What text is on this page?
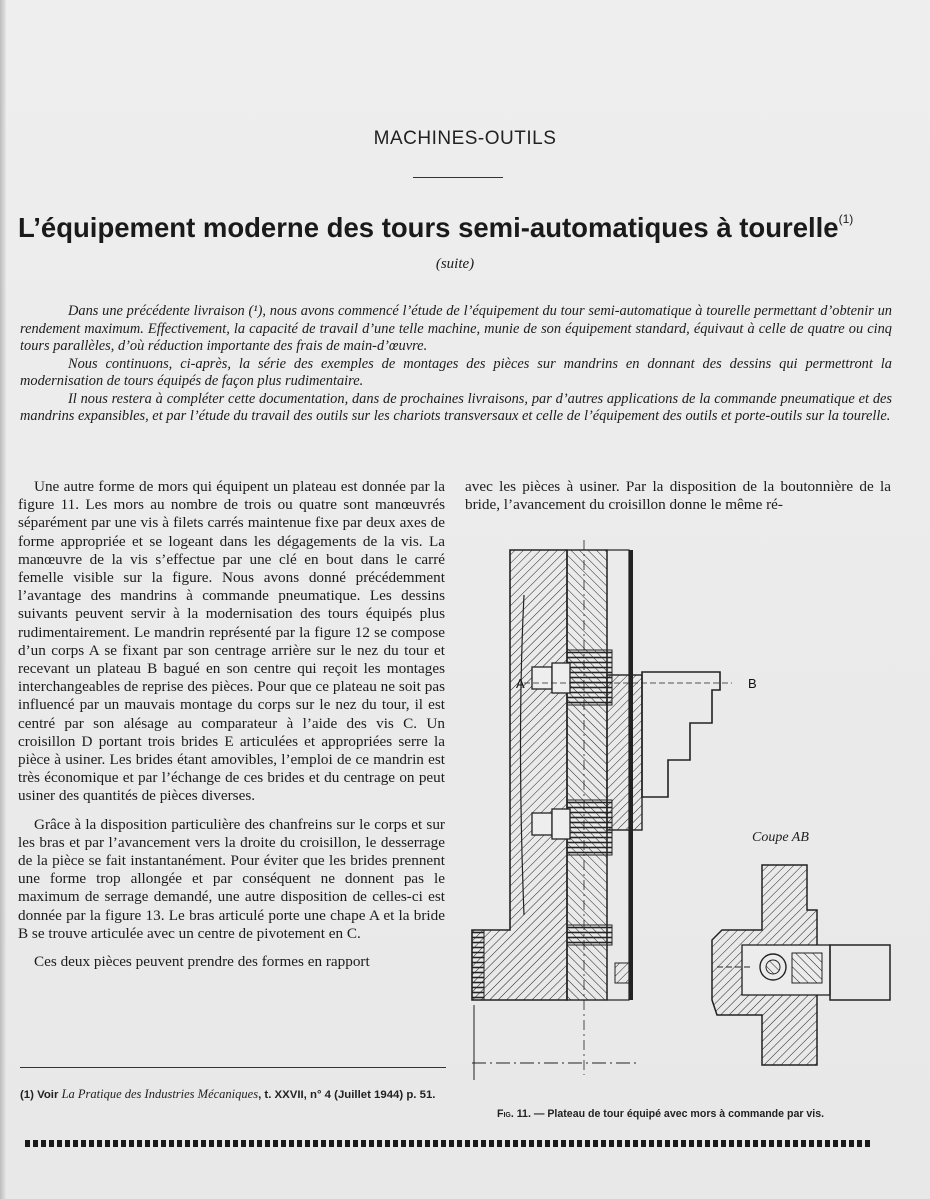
MACHINES-OUTILS
L’équipement moderne des tours semi-automatiques à tourelle$^{(1)}$
(suite)

Dans une précédente livraison (¹), nous avons commencé l’étude de l’équipement du tour semi-automatique à tourelle permettant d’obtenir un rendement maximum. Effectivement, la capacité de travail d’une telle machine, munie de son équipement standard, équivaut à celle de quatre ou cinq tours parallèles, d’où réduction importante des frais de main-d’œuvre.

Nous continuons, ci-après, la série des exemples de montages des pièces sur mandrins en donnant des dessins qui permettront la modernisation de tours équipés de façon plus rudimentaire.

Il nous restera à compléter cette documentation, dans de prochaines livraisons, par d’autres applications de la commande pneumatique et des mandrins expansibles, et par l’étude du travail des outils sur les chariots transversaux et celle de l’équipement des outils et porte-outils sur la tourelle.

Une autre forme de mors qui équipent un plateau est donnée par la figure 11. Les mors au nombre de trois ou quatre sont manœuvrés séparément par une vis à filets carrés maintenue fixe par deux axes de forme appropriée et se logeant dans les dégagements de la vis. La manœuvre de la vis s’effectue par une clé en bout dans le carré femelle visible sur la figure. Nous avons donné précédemment l’avantage des mandrins à commande pneumatique. Les dessins suivants peuvent servir à la modernisation des tours équipés plus rudimentairement. Le mandrin représenté par la figure 12 se compose d’un corps A se fixant par son centrage arrière sur le nez du tour et recevant un plateau B bagué en son centre qui reçoit les montages interchangeables de reprise des pièces. Pour que ce plateau ne soit pas influencé par un mauvais montage du corps sur le nez du tour, il est centré par son alésage au comparateur à l’aide des vis C. Un croisillon D portant trois brides E articulées et appropriées serre la pièce à usiner. Les brides étant amovibles, l’emploi de ce mandrin est très économique et par l’échange de ces brides et du centrage on peut usiner des quantités de pièces diverses.

Grâce à la disposition particulière des chanfreins sur le corps et sur les bras et par l’avancement vers la droite du croisillon, le desserrage de la pièce se fait instantanément. Pour éviter que les brides prennent une forme trop allongée et par conséquent ne donnent pas le maximum de serrage demandé, une autre disposition de celles-ci est donnée par la figure 13. Le bras articulé porte une chape A et la bride B se trouve articulée avec un centre de pivotement en C.

Ces deux pièces peuvent prendre des formes en rapport

avec les pièces à usiner. Par la disposition de la boutonnière de la bride, l’avancement du croisillon donne le même ré-

A	B
Coupe AB
(1) Voir La Pratique des Industries Mécaniques, t. XXVII, n° 4 (Juillet 1944) p. 51.
Fig. 11. — Plateau de tour équipé avec mors à commande par vis.
